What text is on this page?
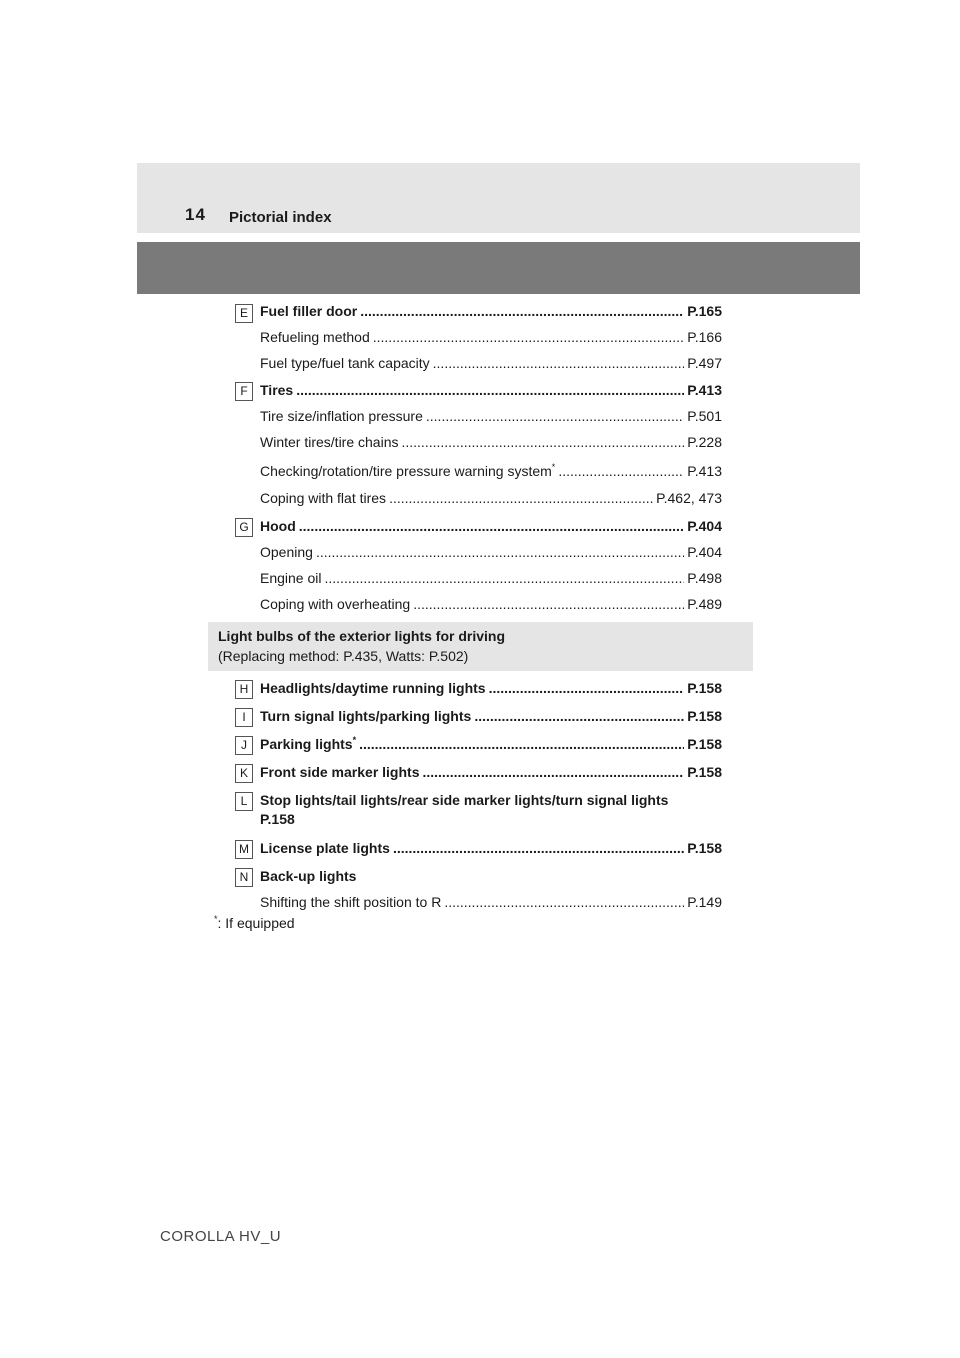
14 Pictorial index
E Fuel filler door .....	P.165
Refueling method .....	P.166
Fuel type/fuel tank capacity .....	P.497
F Tires .....	P.413
Tire size/inflation pressure .....	P.501
Winter tires/tire chains .....	P.228
Checking/rotation/tire pressure warning system* .....	P.413
Coping with flat tires .....	P.462, 473
G Hood .....	P.404
Opening .....	P.404
Engine oil .....	P.498
Coping with overheating .....	P.489
Light bulbs of the exterior lights for driving
(Replacing method: P.435, Watts: P.502)
H Headlights/daytime running lights .....	P.158
I	Turn signal lights/parking lights .....	P.158
J Parking lights* .....	P.158
K Front side marker lights .....	P.158
L Stop lights/tail lights/rear side marker lights/turn signal lights
P.158
M License plate lights .....	P.158
N Back-up lights
Shifting the shift position to R .....	P.149
*: If equipped
COROLLA HV_U
